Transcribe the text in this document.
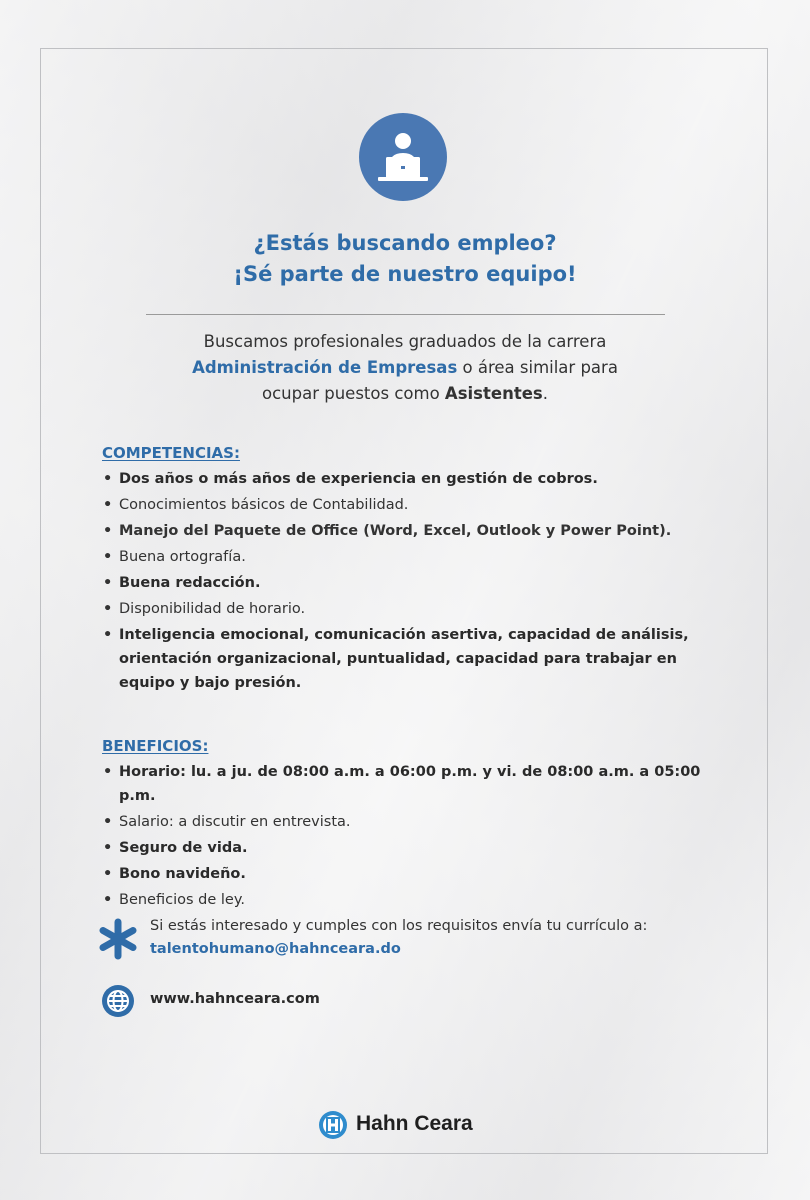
¿Estás buscando empleo?
¡Sé parte de nuestro equipo!
Buscamos profesionales graduados de la carrera
Administración de Empresas o área similar para
ocupar puestos como Asistentes.
COMPETENCIAS:
• Dos años o más años de experiencia en gestión de cobros.
• Conocimientos básicos de Contabilidad.
• Manejo del Paquete de Office (Word, Excel, Outlook y Power Point).
• Buena ortografía.
• Buena redacción.
• Disponibilidad de horario.
• Inteligencia emocional, comunicación asertiva, capacidad de análisis, orientación organizacional, puntualidad, capacidad para trabajar en equipo y bajo presión.
BENEFICIOS:
• Horario: lu. a ju. de 08:00 a.m. a 06:00 p.m. y vi. de 08:00 a.m. a 05:00 p.m.
• Salario: a discutir en entrevista.
• Seguro de vida.
• Bono navideño.
• Beneficios de ley.
Si estás interesado y cumples con los requisitos envía tu currículo a:
talentohumano@hahnceara.do
www.hahnceara.com
Hahn Ceara
